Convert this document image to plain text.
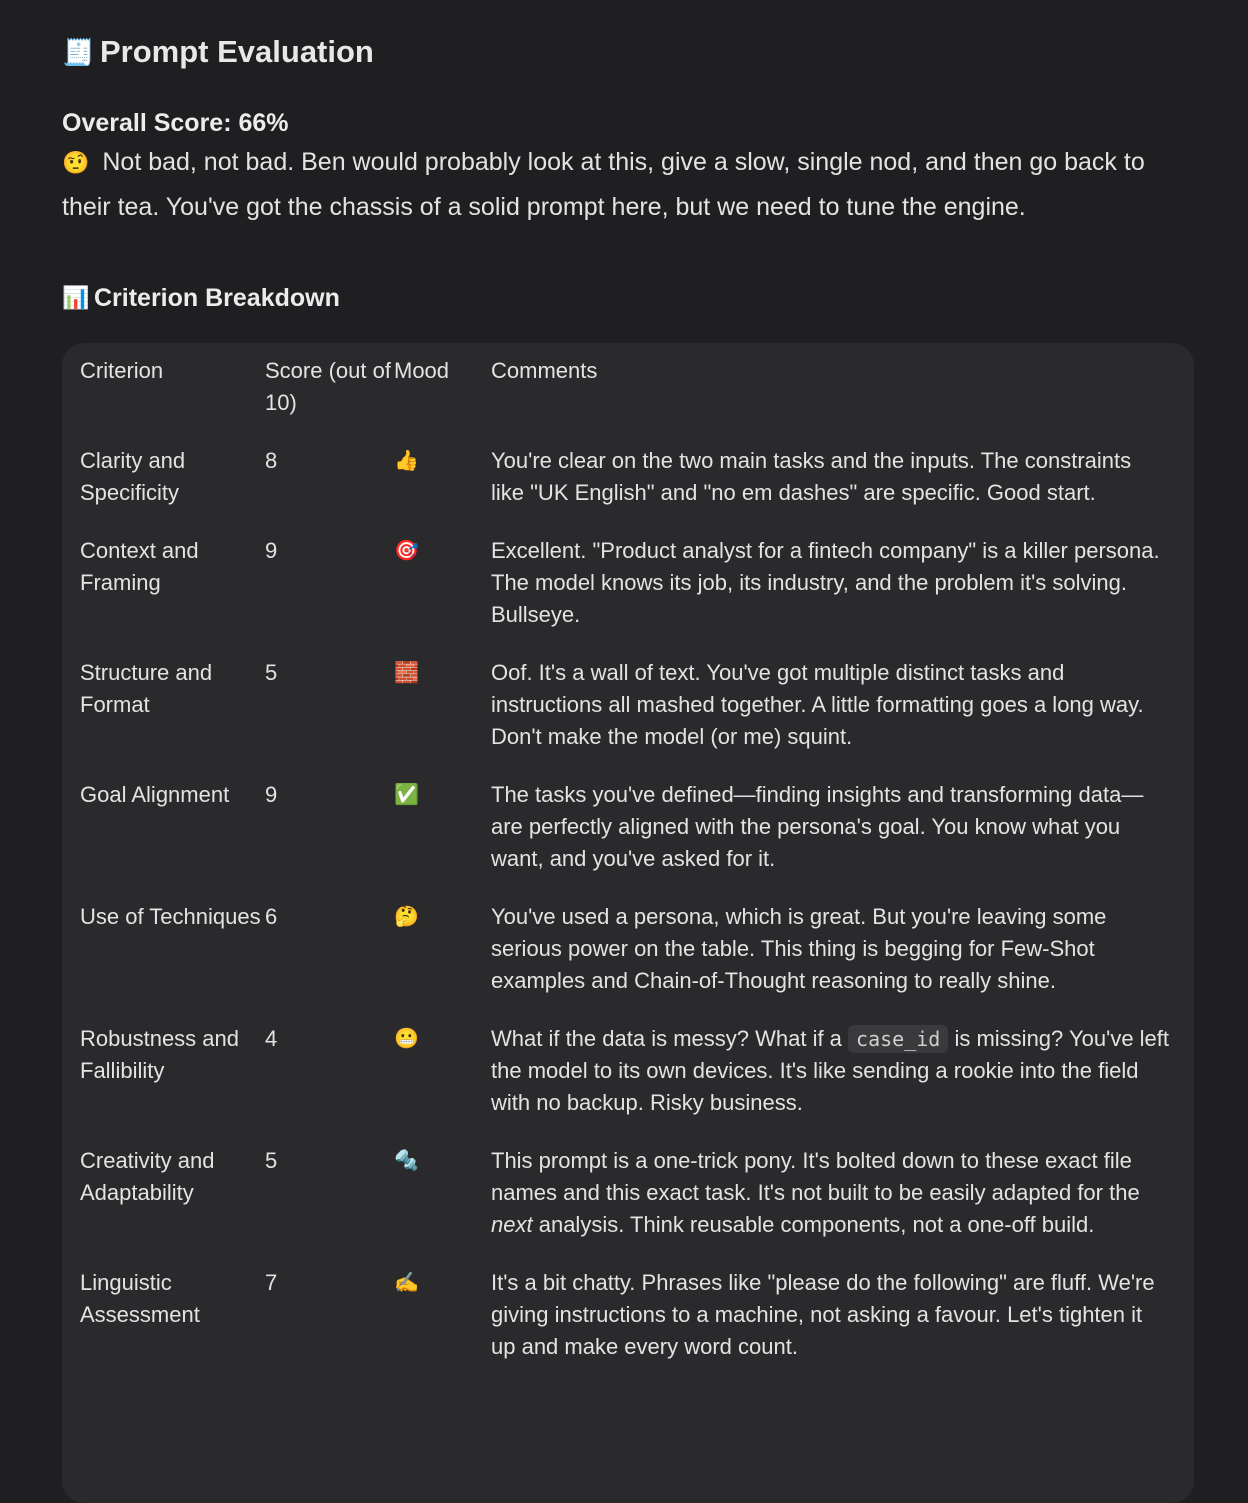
🧾 Prompt Evaluation
Overall Score: 66%
🤨 Not bad, not bad. Ben would probably look at this, give a slow, single nod, and then go back to their tea. You've got the chassis of a solid prompt here, but we need to tune the engine.
📊 Criterion Breakdown
Criterion	Score (out of 10)	Mood	Comments
Clarity and Specificity	8	👍	You're clear on the two main tasks and the inputs. The constraints like "UK English" and "no em dashes" are specific. Good start.
Context and Framing	9	🎯	Excellent. "Product analyst for a fintech company" is a killer persona. The model knows its job, its industry, and the problem it's solving. Bullseye.
Structure and Format	5	🧱	Oof. It's a wall of text. You've got multiple distinct tasks and instructions all mashed together. A little formatting goes a long way. Don't make the model (or me) squint.
Goal Alignment	9	✅	The tasks you've defined—finding insights and transforming data—are perfectly aligned with the persona's goal. You know what you want, and you've asked for it.
Use of Techniques	6	🤔	You've used a persona, which is great. But you're leaving some serious power on the table. This thing is begging for Few-Shot examples and Chain-of-Thought reasoning to really shine.
Robustness and Fallibility	4	😬	What if the data is messy? What if a case_id is missing? You've left the model to its own devices. It's like sending a rookie into the field with no backup. Risky business.
Creativity and Adaptability	5	🔩	This prompt is a one-trick pony. It's bolted down to these exact file names and this exact task. It's not built to be easily adapted for the next analysis. Think reusable components, not a one-off build.
Linguistic Assessment	7	✍️	It's a bit chatty. Phrases like "please do the following" are fluff. We're giving instructions to a machine, not asking a favour. Let's tighten it up and make every word count.
